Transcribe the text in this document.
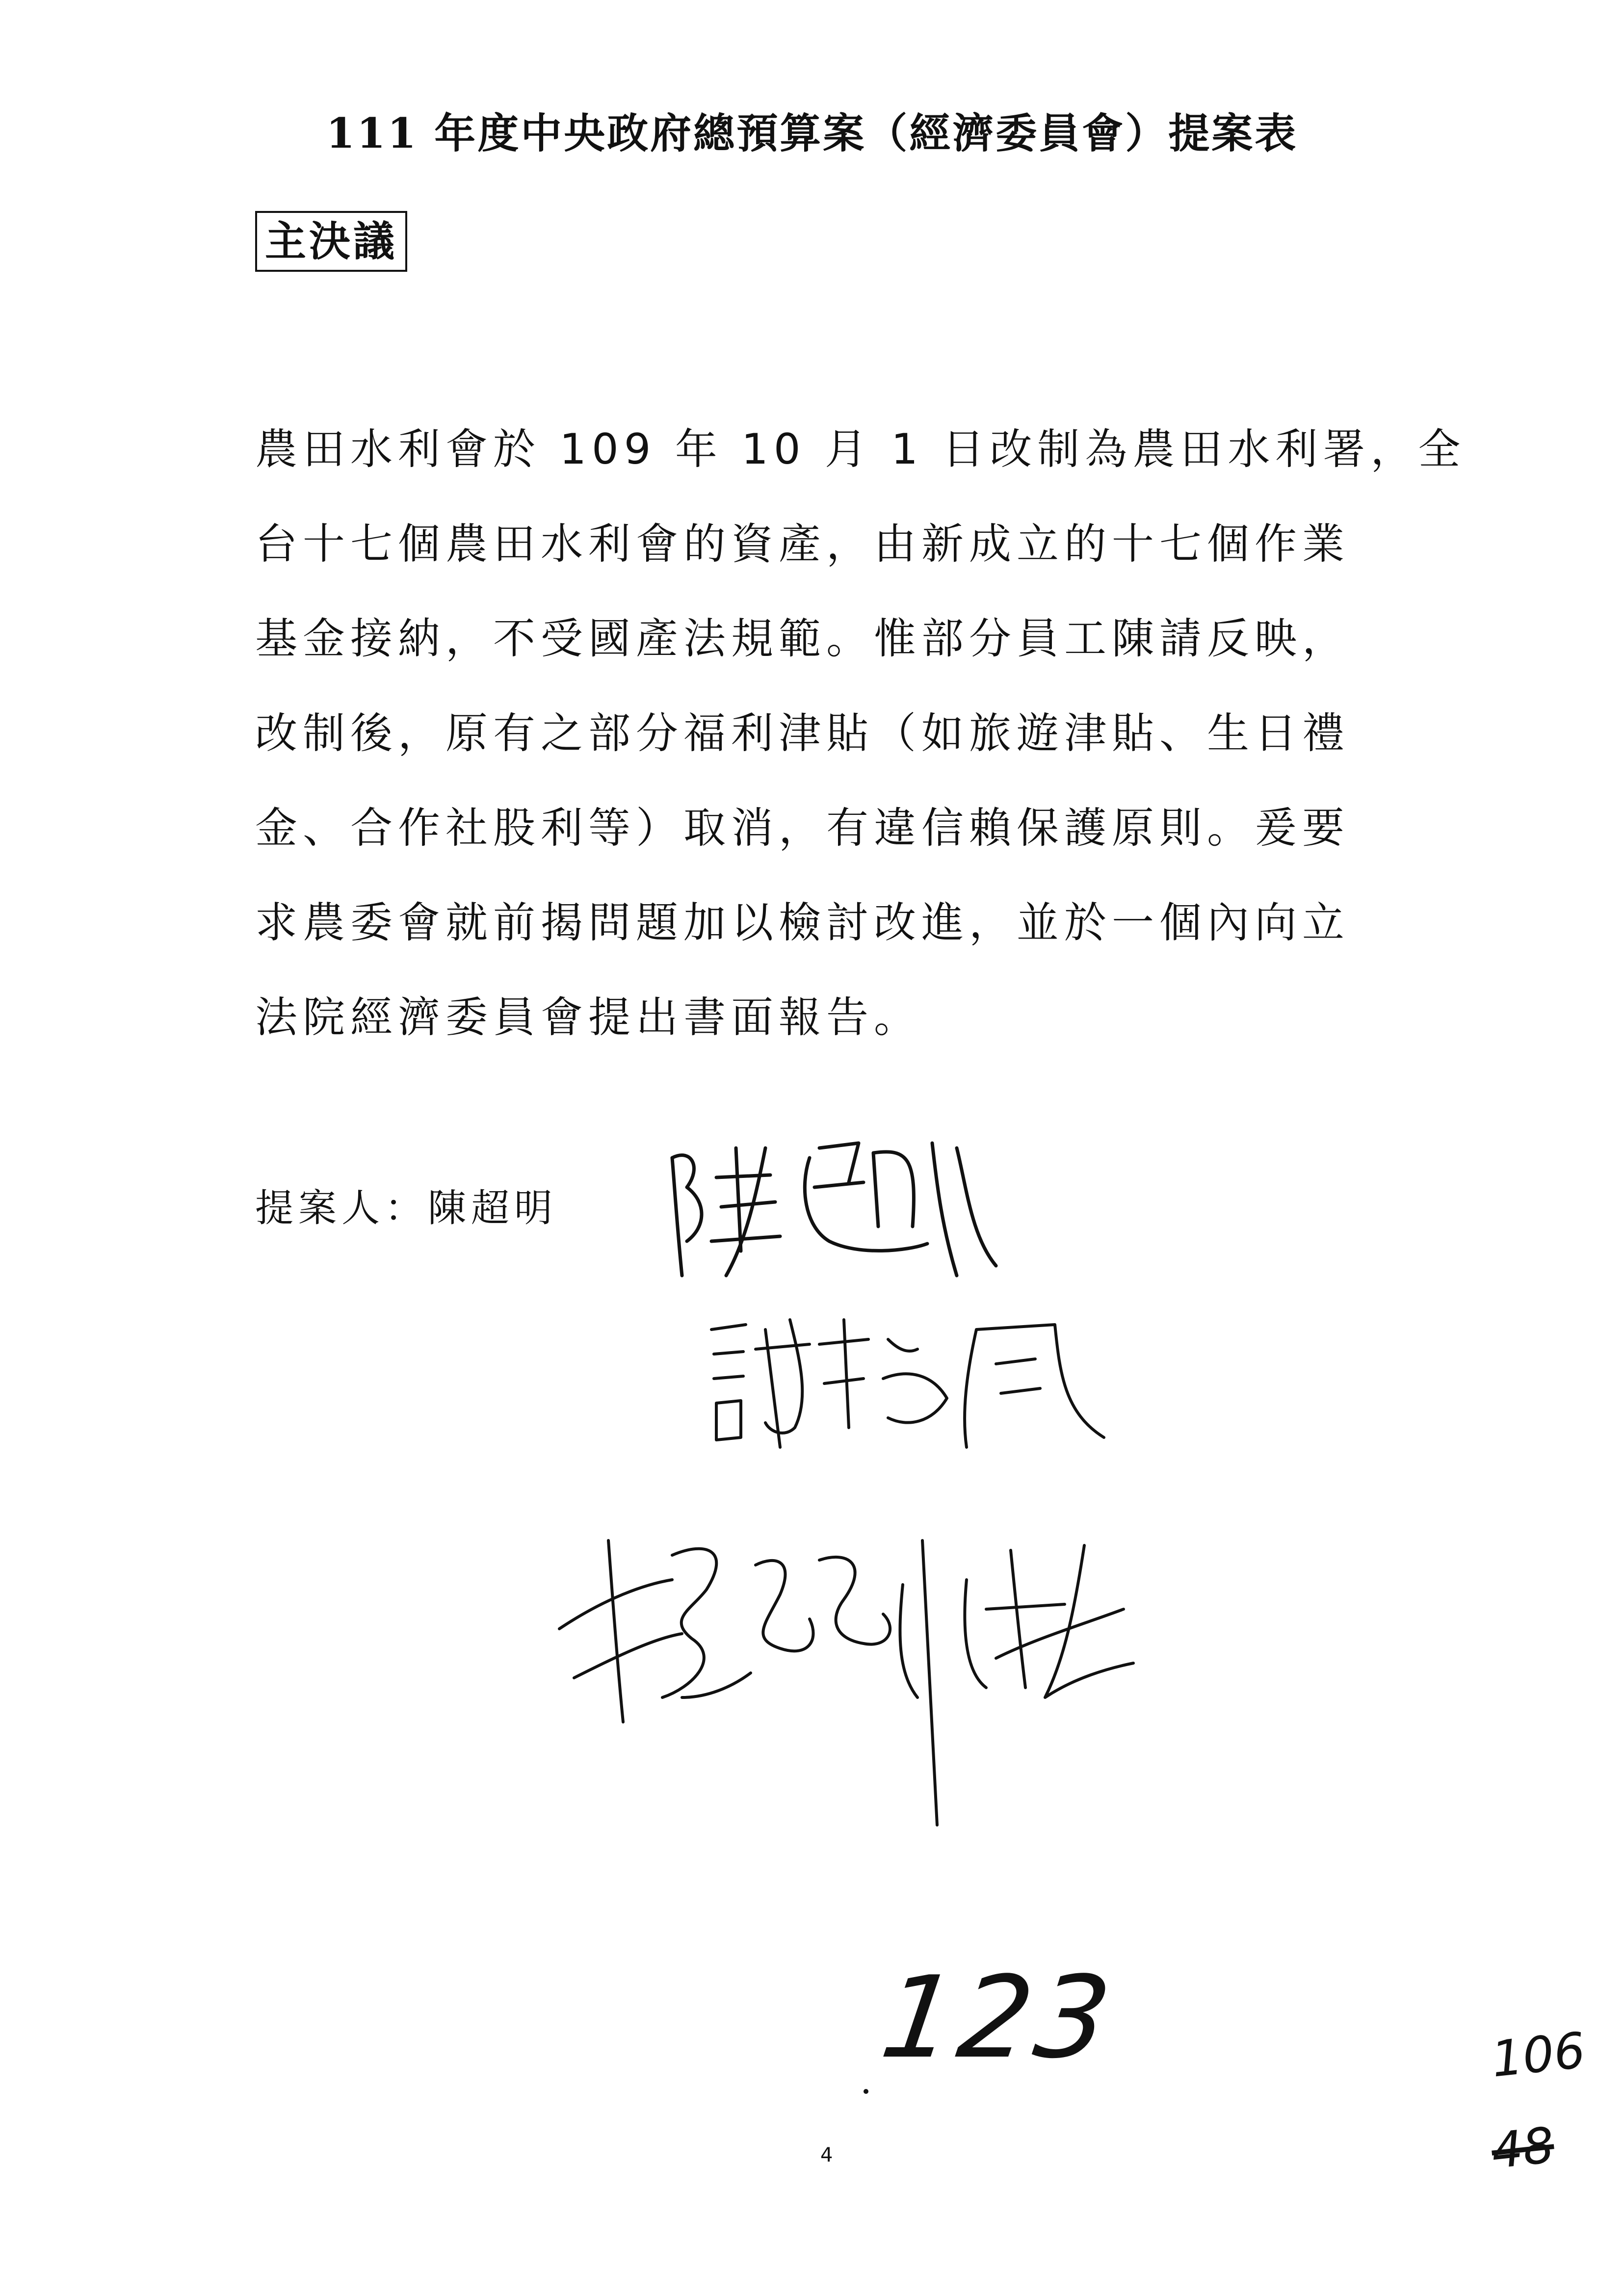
111 年度中央政府總預算案（經濟委員會）提案表
主決議
農田水利會於 109 年 10 月 1 日改制為農田水利署，全
台十七個農田水利會的資產，由新成立的十七個作業
基金接納，不受國產法規範。惟部分員工陳請反映，
改制後，原有之部分福利津貼（如旅遊津貼、生日禮
金、合作社股利等）取消，有違信賴保護原則。爰要
求農委會就前揭問題加以檢討改進，並於一個內向立
法院經濟委員會提出書面報告。
提案人：陳超明
123	106
48
4
